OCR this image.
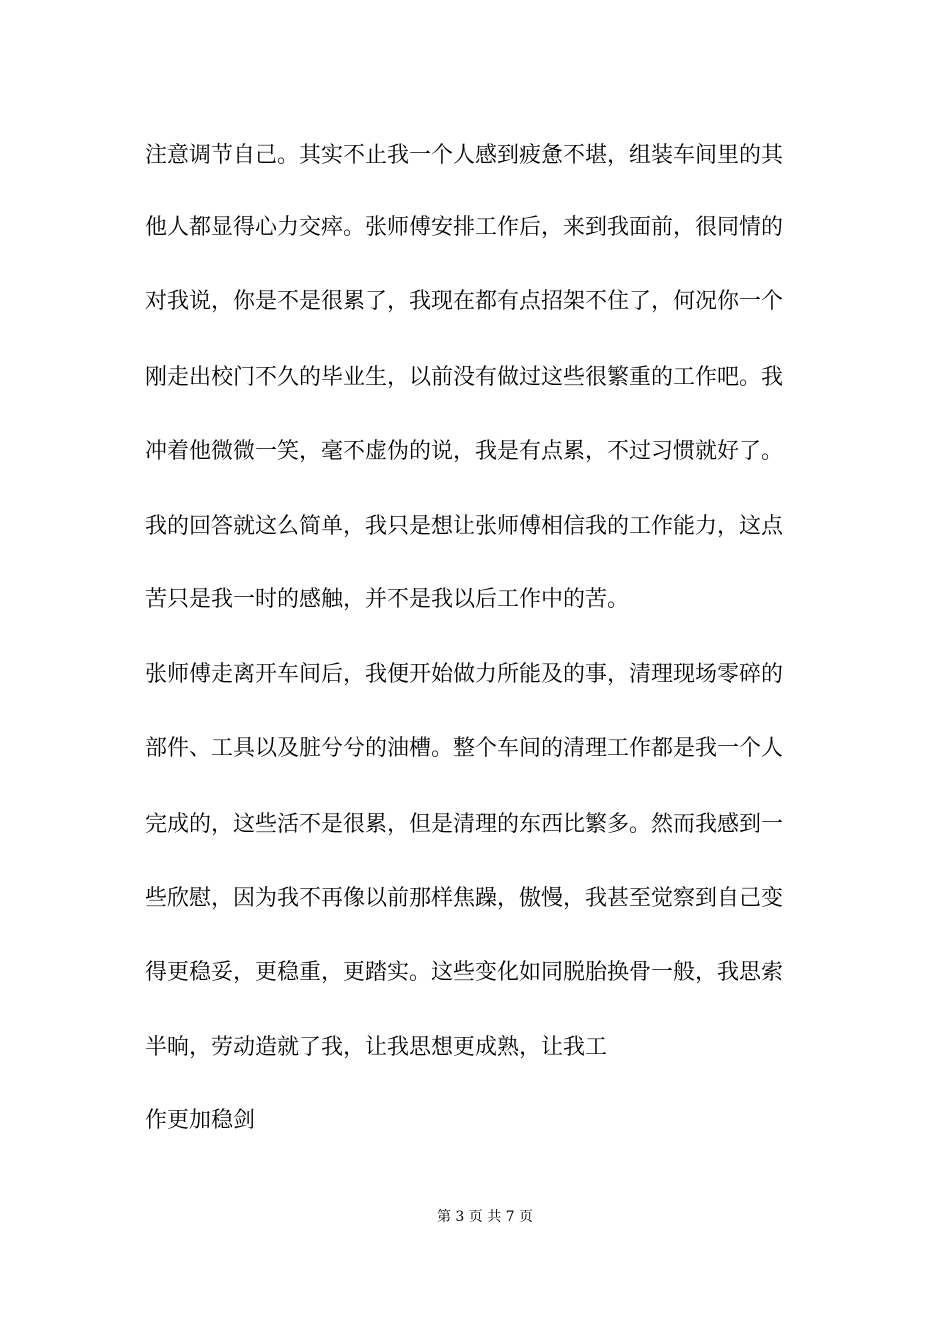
注意调节自己。其实不止我一个人感到疲惫不堪，组装车间里的其
他人都显得心力交瘁。张师傅安排工作后，来到我面前，很同情的
对我说，你是不是很累了，我现在都有点招架不住了，何况你一个
刚走出校门不久的毕业生，以前没有做过这些很繁重的工作吧。我
冲着他微微一笑，毫不虚伪的说，我是有点累，不过习惯就好了。
我的回答就这么简单，我只是想让张师傅相信我的工作能力，这点
苦只是我一时的感触，并不是我以后工作中的苦。
张师傅走离开车间后，我便开始做力所能及的事，清理现场零碎的
部件、工具以及脏兮兮的油槽。整个车间的清理工作都是我一个人
完成的，这些活不是很累，但是清理的东西比繁多。然而我感到一
些欣慰，因为我不再像以前那样焦躁，傲慢，我甚至觉察到自己变
得更稳妥，更稳重，更踏实。这些变化如同脱胎换骨一般，我思索
半晌，劳动造就了我，让我思想更成熟，让我工
作更加稳剑
第 3 页 共 7 页
